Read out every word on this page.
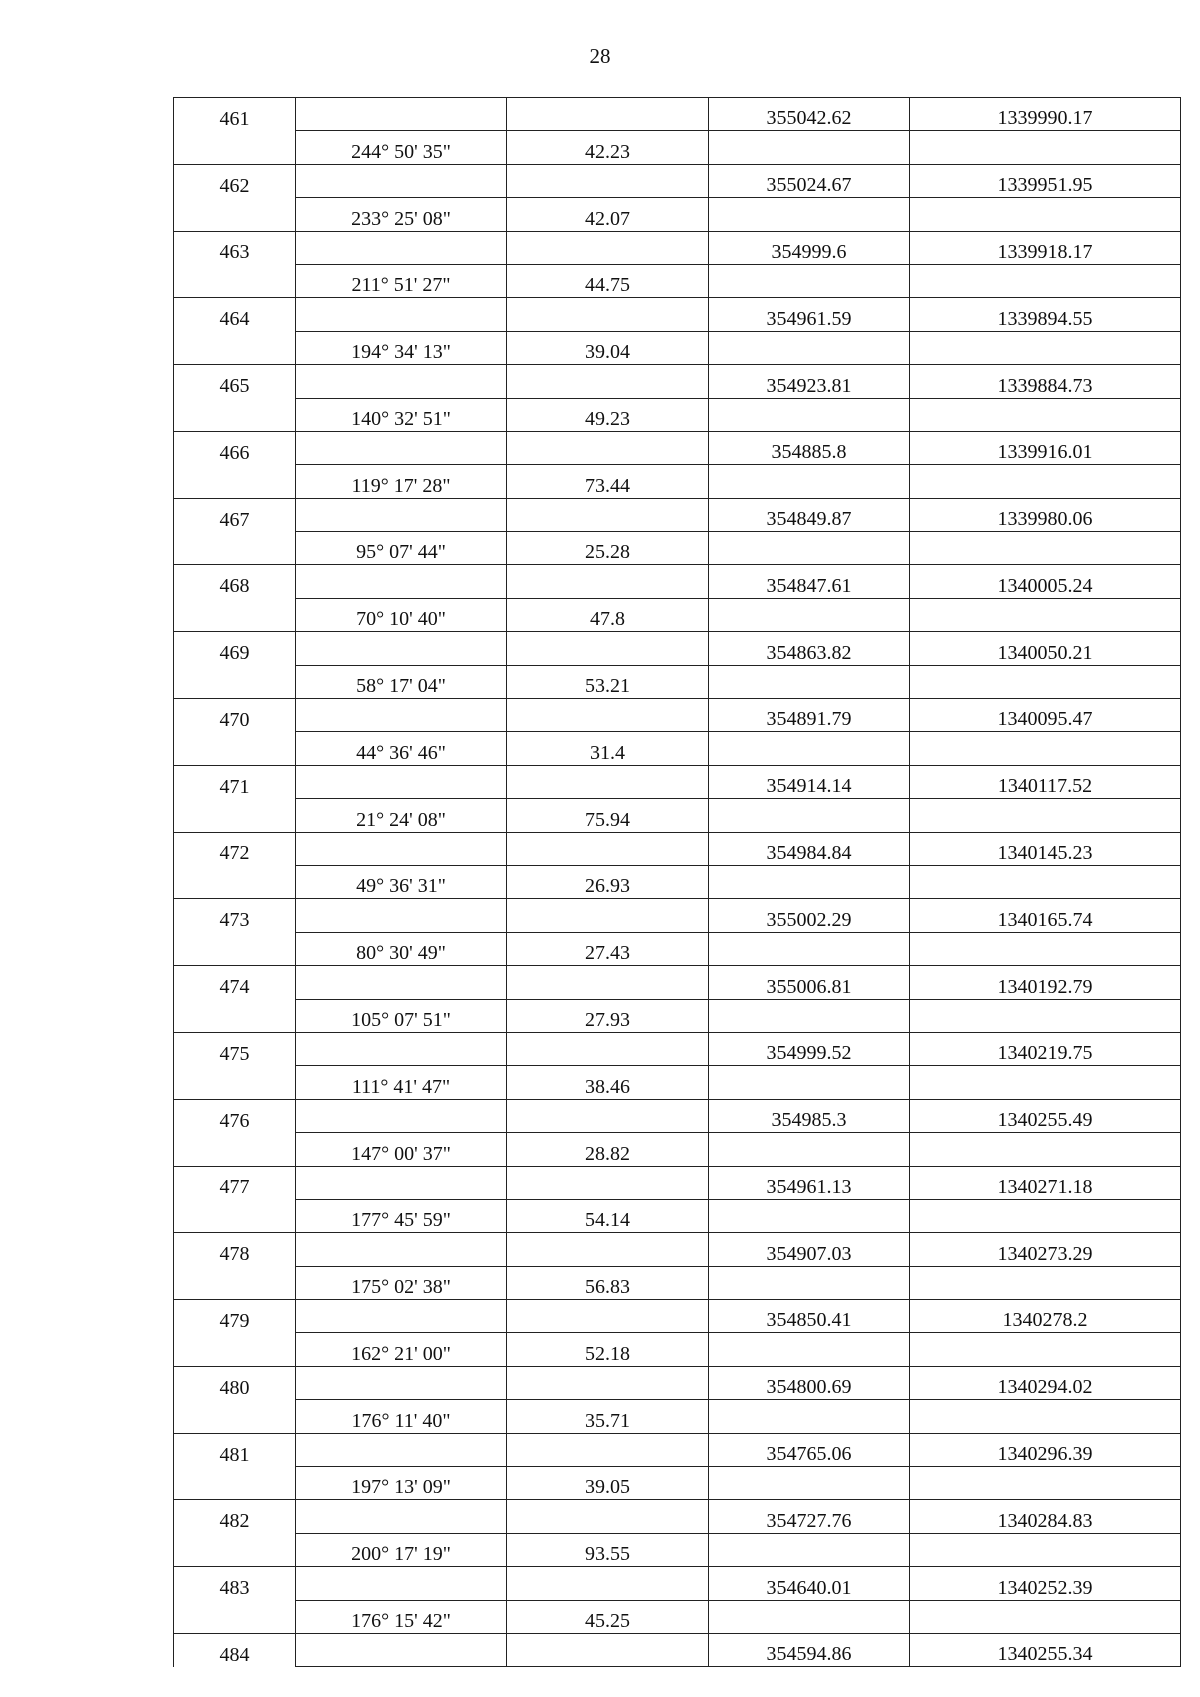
28
461			355042.62	1339990.17
	244° 50' 35"	42.23		
462			355024.67	1339951.95
	233° 25' 08"	42.07		
463			354999.6	1339918.17
	211° 51' 27"	44.75		
464			354961.59	1339894.55
	194° 34' 13"	39.04		
465			354923.81	1339884.73
	140° 32' 51"	49.23		
466			354885.8	1339916.01
	119° 17' 28"	73.44		
467			354849.87	1339980.06
	95° 07' 44"	25.28		
468			354847.61	1340005.24
	70° 10' 40"	47.8		
469			354863.82	1340050.21
	58° 17' 04"	53.21		
470			354891.79	1340095.47
	44° 36' 46"	31.4		
471			354914.14	1340117.52
	21° 24' 08"	75.94		
472			354984.84	1340145.23
	49° 36' 31"	26.93		
473			355002.29	1340165.74
	80° 30' 49"	27.43		
474			355006.81	1340192.79
	105° 07' 51"	27.93		
475			354999.52	1340219.75
	111° 41' 47"	38.46		
476			354985.3	1340255.49
	147° 00' 37"	28.82		
477			354961.13	1340271.18
	177° 45' 59"	54.14		
478			354907.03	1340273.29
	175° 02' 38"	56.83		
479			354850.41	1340278.2
	162° 21' 00"	52.18		
480			354800.69	1340294.02
	176° 11' 40"	35.71		
481			354765.06	1340296.39
	197° 13' 09"	39.05		
482			354727.76	1340284.83
	200° 17' 19"	93.55		
483			354640.01	1340252.39
	176° 15' 42"	45.25		
484			354594.86	1340255.34
